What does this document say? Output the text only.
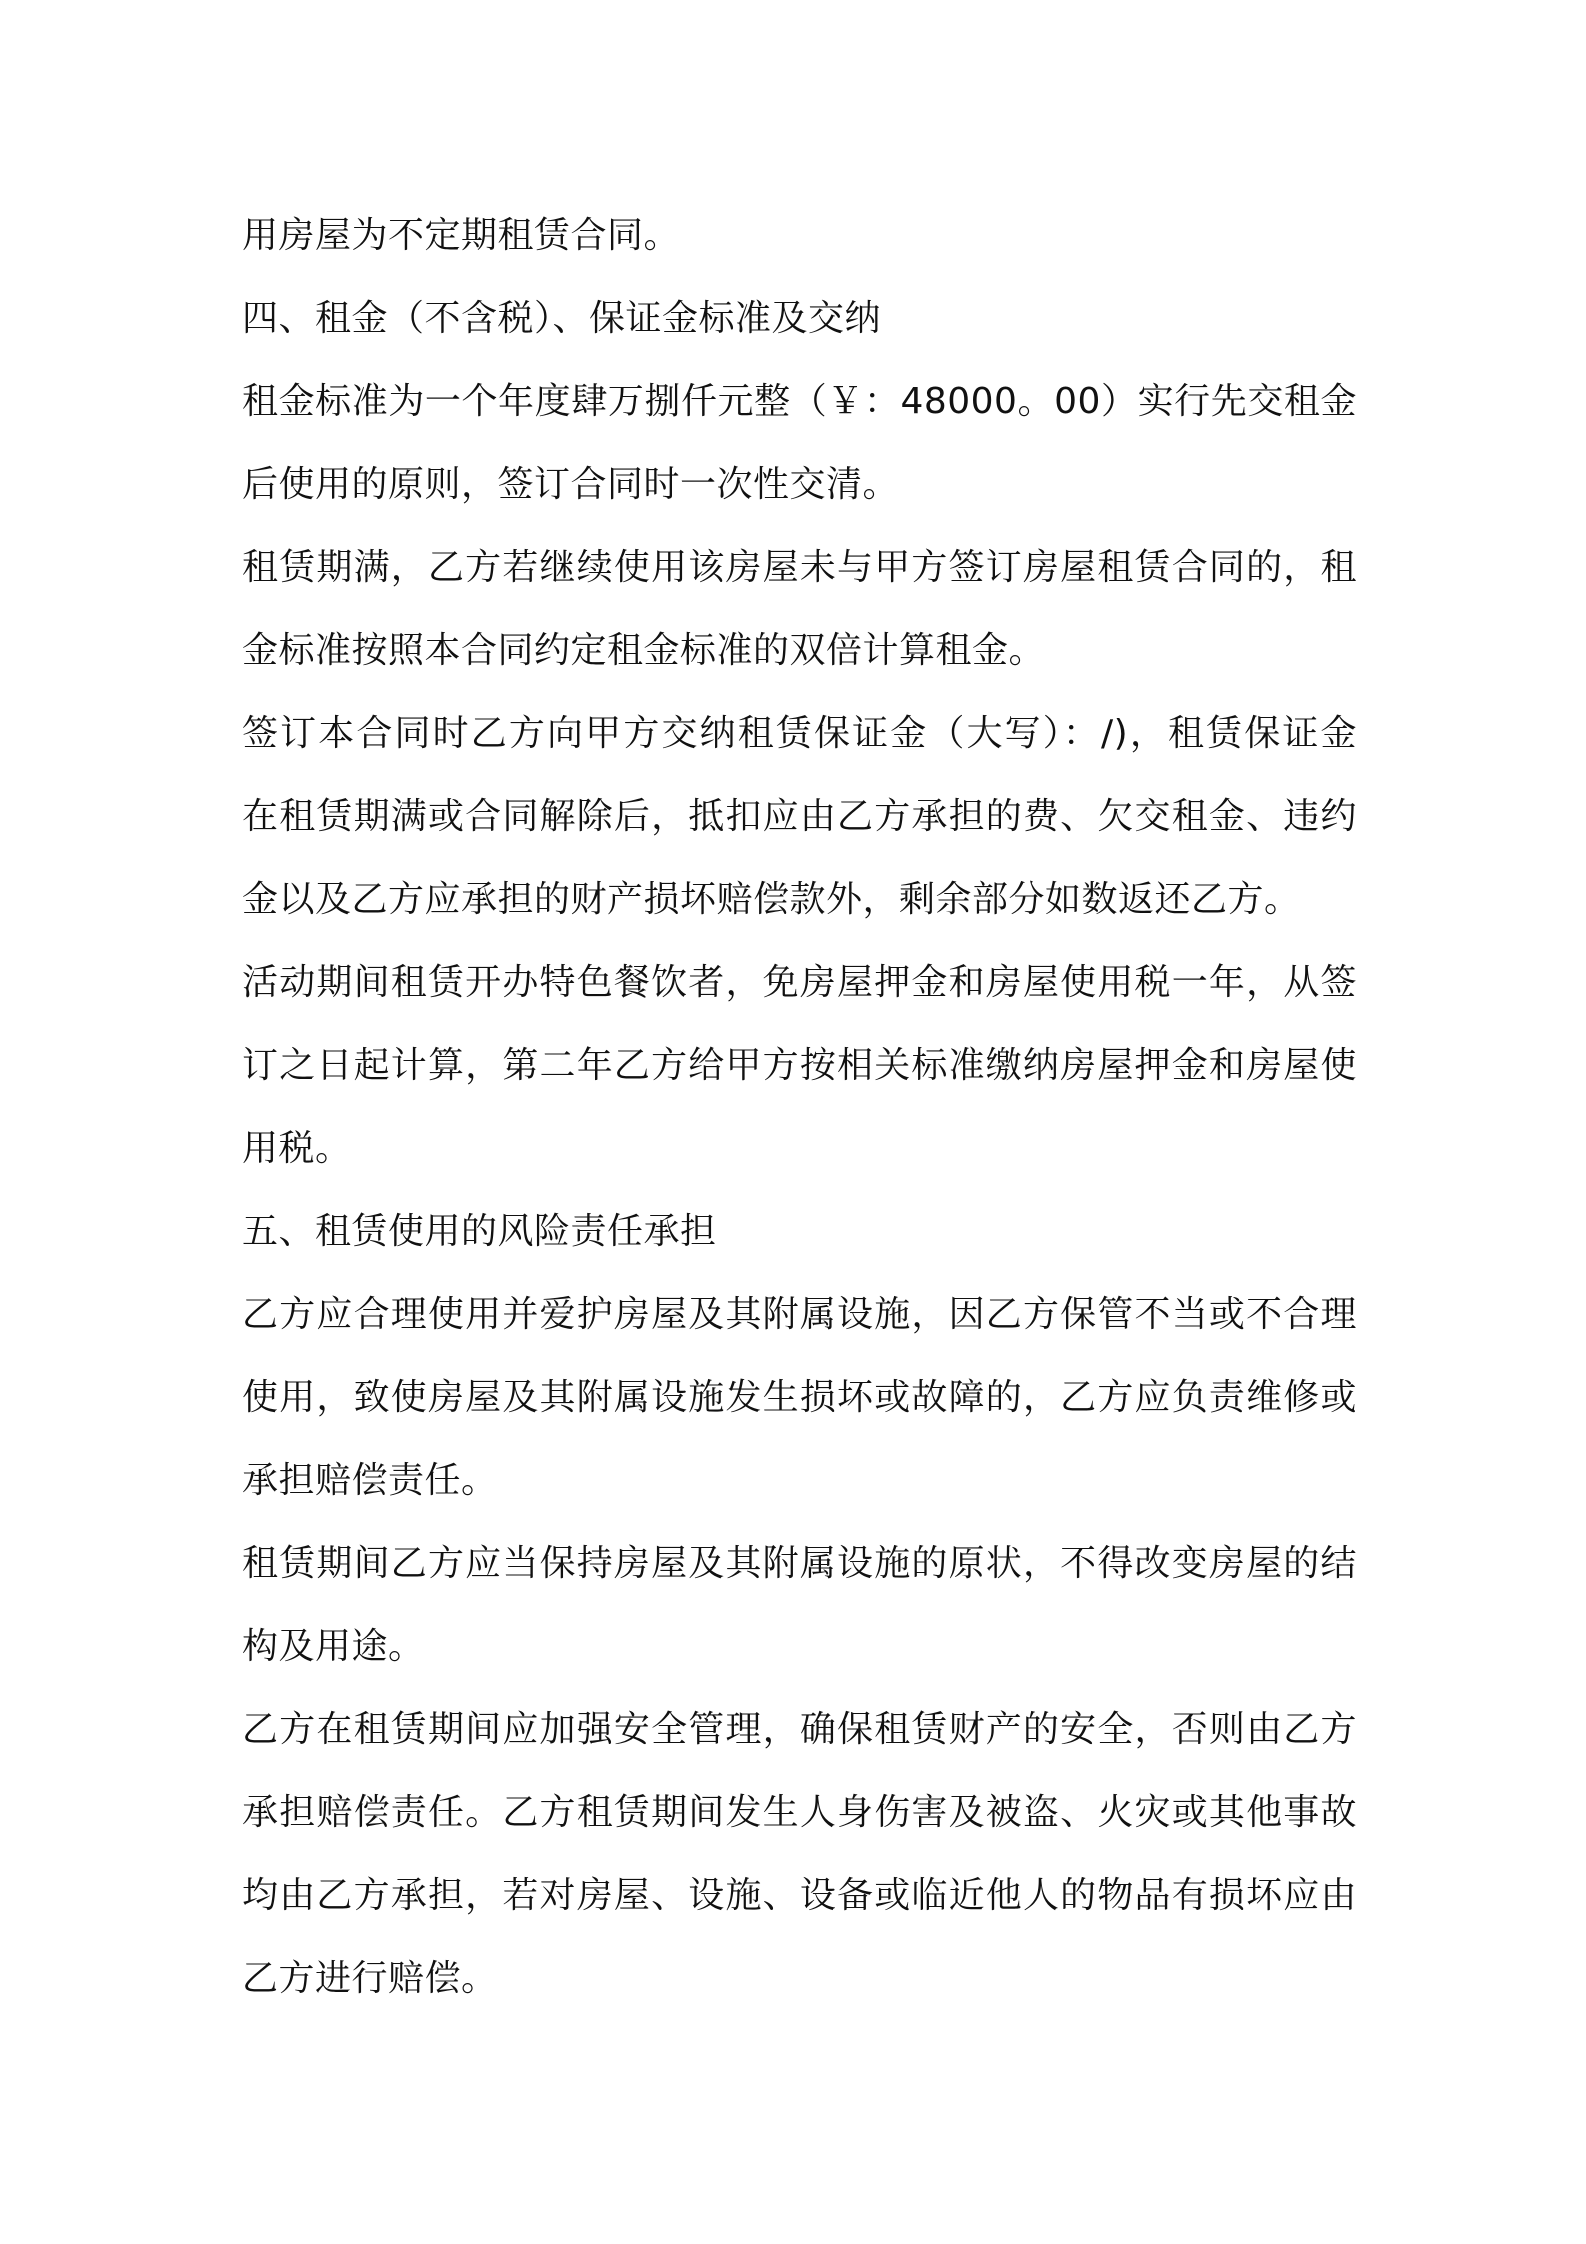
用房屋为不定期租赁合同。
四、租金（不含税）、保证金标准及交纳
租金标准为一个年度肆万捌仟元整（￥：48000。00）实行先交租金
后使用的原则，签订合同时一次性交清。
租赁期满，乙方若继续使用该房屋未与甲方签订房屋租赁合同的，租
金标准按照本合同约定租金标准的双倍计算租金。
签订本合同时乙方向甲方交纳租赁保证金（大写）：/)，租赁保证金
在租赁期满或合同解除后，抵扣应由乙方承担的费、欠交租金、违约
金以及乙方应承担的财产损坏赔偿款外，剩余部分如数返还乙方。
活动期间租赁开办特色餐饮者，免房屋押金和房屋使用税一年，从签
订之日起计算，第二年乙方给甲方按相关标准缴纳房屋押金和房屋使
用税。
五、租赁使用的风险责任承担
乙方应合理使用并爱护房屋及其附属设施，因乙方保管不当或不合理
使用，致使房屋及其附属设施发生损坏或故障的，乙方应负责维修或
承担赔偿责任。
租赁期间乙方应当保持房屋及其附属设施的原状，不得改变房屋的结
构及用途。
乙方在租赁期间应加强安全管理，确保租赁财产的安全，否则由乙方
承担赔偿责任。乙方租赁期间发生人身伤害及被盗、火灾或其他事故
均由乙方承担，若对房屋、设施、设备或临近他人的物品有损坏应由
乙方进行赔偿。
